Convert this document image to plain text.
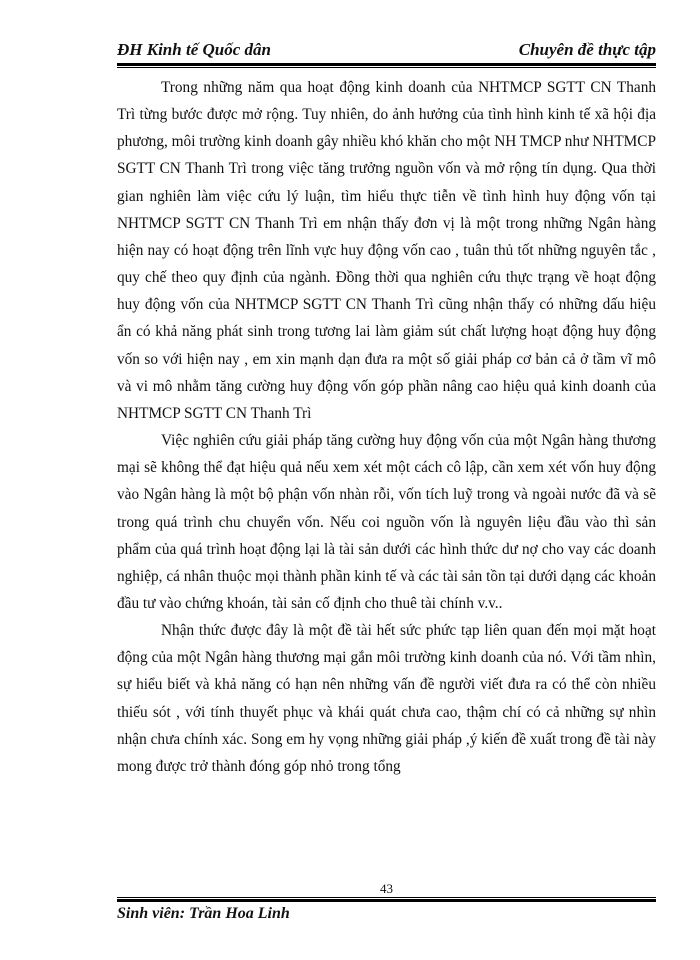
ĐH Kinh tế Quốc dân	Chuyên đề thực tập

Trong những năm qua hoạt động kinh doanh của NHTMCP SGTT CN Thanh Trì từng bước được mở rộng. Tuy nhiên, do ảnh hưởng của tình hình kinh tế xã hội địa phương, môi trường kinh doanh gây nhiều khó khăn cho một NH TMCP như NHTMCP SGTT CN Thanh Trì trong việc tăng trưởng nguồn vốn và mở rộng tín dụng. Qua thời gian nghiên làm việc cứu lý luận, tìm hiểu thực tiễn về tình hình huy động vốn tại NHTMCP SGTT CN Thanh Trì em nhận thấy đơn vị là một trong những Ngân hàng hiện nay có hoạt động trên lĩnh vực huy động vốn cao , tuân thủ tốt những nguyên tắc , quy chế theo quy định của ngành. Đồng thời qua nghiên cứu thực trạng về hoạt động huy động vốn của NHTMCP SGTT CN Thanh Trì cũng nhận thấy có những dấu hiệu ẩn có khả năng phát sinh trong tương lai làm giảm sút chất lượng hoạt động huy động vốn so với hiện nay , em xin mạnh dạn đưa ra một số giải pháp cơ bản cả ở tầm vĩ mô và vi mô nhằm tăng cường huy động vốn góp phần nâng cao hiệu quả kinh doanh của NHTMCP SGTT CN Thanh Trì

Việc nghiên cứu giải pháp tăng cường huy động vốn của một Ngân hàng thương mại sẽ không thể đạt hiệu quả nếu xem xét một cách cô lập, cần xem xét vốn huy động vào Ngân hàng là một bộ phận vốn nhàn rỗi, vốn tích luỹ trong và ngoài nước đã và sẽ trong quá trình chu chuyển vốn. Nếu coi nguồn vốn là nguyên liệu đầu vào thì sản phẩm của quá trình hoạt động lại là tài sản dưới các hình thức dư nợ cho vay các doanh nghiệp, cá nhân thuộc mọi thành phần kinh tế và các tài sản tồn tại dưới dạng các khoản đầu tư vào chứng khoán, tài sản cố định cho thuê tài chính v.v..

Nhận thức được đây là một đề tài hết sức phức tạp liên quan đến mọi mặt hoạt động của một Ngân hàng thương mại gắn môi trường kinh doanh của nó. Với tầm nhìn, sự hiểu biết và khả năng có hạn nên những vấn đề người viết đưa ra có thể còn nhiều thiếu sót , với tính thuyết phục và khái quát chưa cao, thậm chí có cả những sự nhìn nhận chưa chính xác. Song em hy vọng những giải pháp ,ý kiến đề xuất trong đề tài này mong được trở thành đóng góp nhỏ trong tổng

43
Sinh viên: Trần Hoa Linh
